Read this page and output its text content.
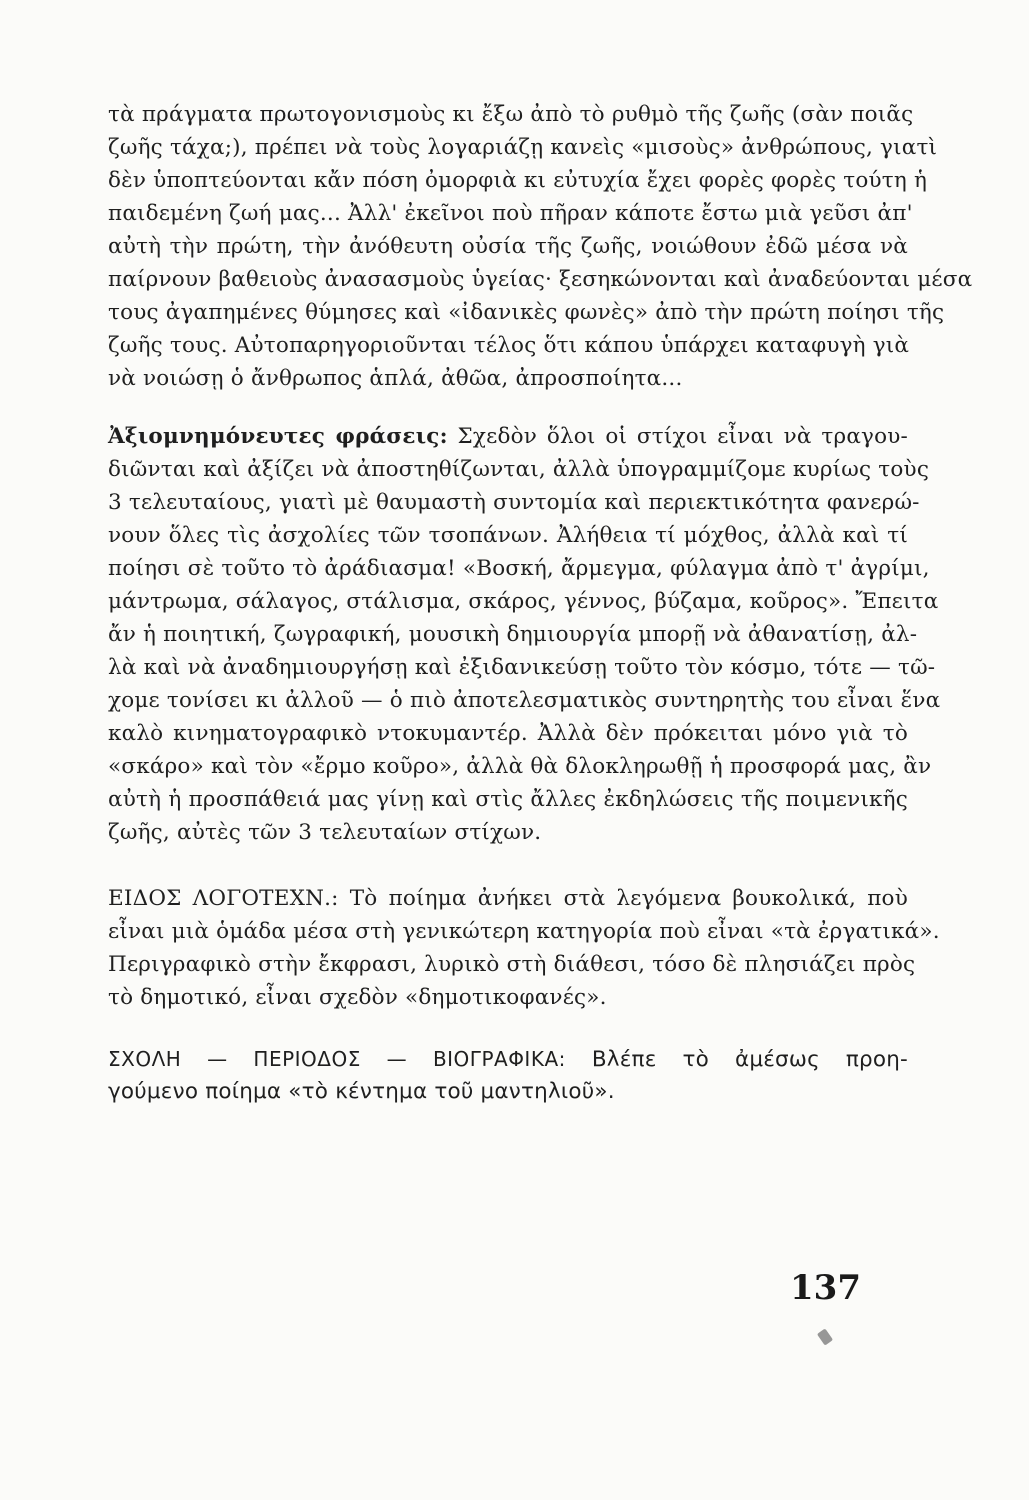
τὰ πράγματα πρωτογονισμοὺς κι ἔξω ἀπὸ τὸ ρυθμὸ τῆς ζωῆς (σὰν ποιᾶς
ζωῆς τάχα;), πρέπει νὰ τοὺς λογαριάζῃ κανεὶς «μισοὺς» ἀνθρώπους, γιατὶ
δὲν ὑποπτεύονται κἄν πόση ὀμορφιὰ κι εὐτυχία ἔχει φορὲς φορὲς τούτη ἡ
παιδεμένη ζωή μας... Ἀλλ' ἐκεῖνοι ποὺ πῆραν κάποτε ἔστω μιὰ γεῦσι ἀπ'
αὐτὴ τὴν πρώτη, τὴν ἀνόθευτη οὐσία τῆς ζωῆς, νοιώθουν ἐδῶ μέσα νὰ
παίρνουν βαθειοὺς ἀνασασμοὺς ὑγείας· ξεσηκώνονται καὶ ἀναδεύονται μέσα
τους ἀγαπημένες θύμησες καὶ «ἰδανικὲς φωνὲς» ἀπὸ τὴν πρώτη ποίησι τῆς
ζωῆς τους. Αὐτοπαρηγοριοῦνται τέλος ὅτι κάπου ὑπάρχει καταφυγὴ γιὰ
νὰ νοιώσῃ ὁ ἄνθρωπος ἁπλά, ἀθῶα, ἀπροσποίητα...
Ἀξιομνημόνευτες φράσεις: Σχεδὸν ὅλοι οἱ στίχοι εἶναι νὰ τραγου-
διῶνται καὶ ἀξίζει νὰ ἀποστηθίζωνται, ἀλλὰ ὑπογραμμίζομε κυρίως τοὺς
3 τελευταίους, γιατὶ μὲ θαυμαστὴ συντομία καὶ περιεκτικότητα φανερώ-
νουν ὅλες τὶς ἀσχολίες τῶν τσοπάνων. Ἀλήθεια τί μόχθος, ἀλλὰ καὶ τί
ποίησι σὲ τοῦτο τὸ ἀράδιασμα! «Βοσκή, ἄρμεγμα, φύλαγμα ἀπὸ τ' ἀγρίμι,
μάντρωμα, σάλαγος, στάλισμα, σκάρος, γέννος, βύζαμα, κοῦρος». Ἔπειτα
ἄν ἡ ποιητική, ζωγραφική, μουσικὴ δημιουργία μπορῇ νὰ ἀθανατίσῃ, ἀλ-
λὰ καὶ νὰ ἀναδημιουργήσῃ καὶ ἐξιδανικεύσῃ τοῦτο τὸν κόσμο, τότε — τῶ-
χομε τονίσει κι ἀλλοῦ — ὁ πιὸ ἀποτελεσματικὸς συντηρητὴς του εἶναι ἕνα
καλὸ κινηματογραφικὸ ντοκυμαντέρ. Ἀλλὰ δὲν πρόκειται μόνο γιὰ τὸ
«σκάρο» καὶ τὸν «ἔρμο κοῦρο», ἀλλὰ θὰ δλοκληρωθῇ ἡ προσφορά μας, ἂν
αὐτὴ ἡ προσπάθειά μας γίνῃ καὶ στὶς ἄλλες ἐκδηλώσεις τῆς ποιμενικῆς
ζωῆς, αὐτὲς τῶν 3 τελευταίων στίχων.
ΕΙΔΟΣ ΛΟΓΟΤΕΧΝ.: Τὸ ποίημα ἀνήκει στὰ λεγόμενα βουκολικά, ποὺ
εἶναι μιὰ ὁμάδα μέσα στὴ γενικώτερη κατηγορία ποὺ εἶναι «τὰ ἐργατικά».
Περιγραφικὸ στὴν ἔκφρασι, λυρικὸ στὴ διάθεσι, τόσο δὲ πλησιάζει πρὸς
τὸ δημοτικό, εἶναι σχεδὸν «δημοτικοφανές».
ΣΧΟΛΗ — ΠΕΡΙΟΔΟΣ — ΒΙΟΓΡΑΦΙΚΑ: Βλέπε τὸ ἀμέσως προη-
γούμενο ποίημα «τὸ κέντημα τοῦ μαντηλιοῦ».
137
